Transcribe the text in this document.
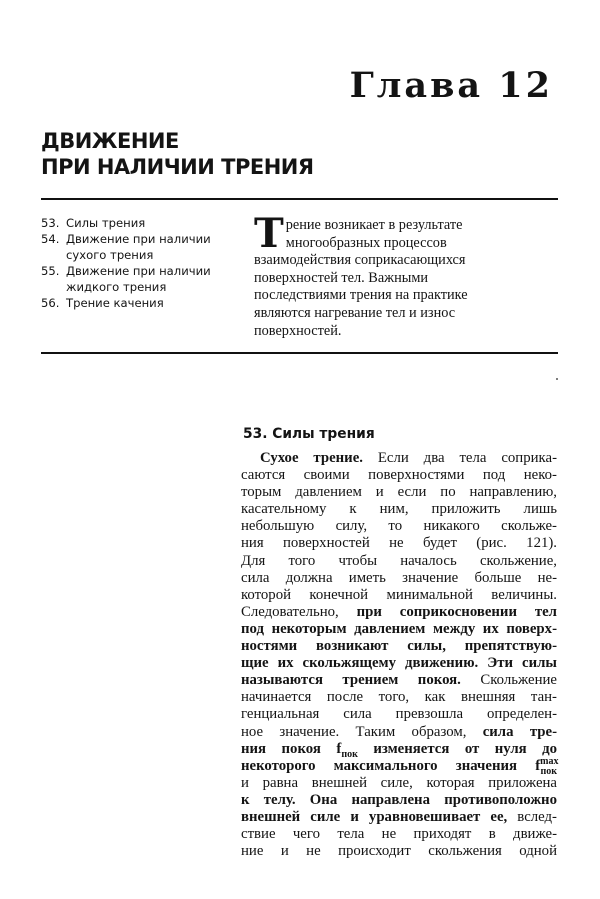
Глава 12
ДВИЖЕНИЕ
ПРИ НАЛИЧИИ ТРЕНИЯ
53. Силы трения
54. Движение при наличии
сухого трения
55. Движение при наличии
жидкого трения
56. Трение качения
Т рение возникает в результате
многообразных процессов
взаимодействия соприкасающихся
поверхностей тел. Важными
последствиями трения на практике
являются нагревание тел и износ
поверхностей.
53. Силы трения
Сухое трение. Если два тела соприка-
саются своими поверхностями под неко-
торым давлением и если по направлению,
касательному к ним, приложить лишь
небольшую силу, то никакого скольже-
ния поверхностей не будет (рис. 121).
Для того чтобы началось скольжение,
сила должна иметь значение больше не-
которой конечной минимальной величины.
Следовательно, при соприкосновении тел
под некоторым давлением между их поверх-
ностями возникают силы, препятствую-
щие их скольжящему движению. Эти силы
называются трением покоя. Скольжение
начинается после того, как внешняя тан-
генциальная сила превзошла определен-
ное значение. Таким образом, сила тре-
ния покоя $f_{пок}$ изменяется от нуля до
некоторого максимального значения $f^{max}_{пок}$
и равна внешней силе, которая приложена
к телу. Она направлена противоположно
внешней силе и уравновешивает ее, вслед-
ствие чего тела не приходят в движе-
ние и не происходит скольжения одной
